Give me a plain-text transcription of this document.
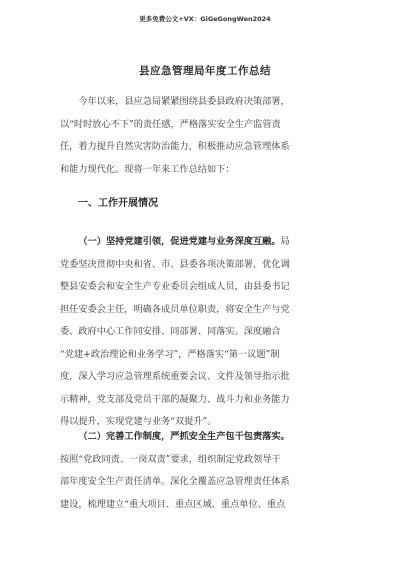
更多免费公文+VX：GiGeGongWen2024
县应急管理局年度工作总结
今年以来，县应急局紧紧围绕县委县政府决策部署，
以“时时放心不下”的责任感，严格落实安全生产监管责
任，着力提升自然灾害防治能力，积极推动应急管理体系
和能力现代化。现将一年来工作总结如下：
一、工作开展情况
（一）坚持党建引领，促进党建与业务深度互融。局
党委坚决贯彻中央和省、市、县委各项决策部署，优化调
整县安委会和安全生产专业委员会组成人员，由县委书记
担任安委会主任，明确各成员单位职责，将安全生产与党
委、政府中心工作同安排、同部署、同落实。深度融合
“党建+政治理论和业务学习”，严格落实“第一议题”制
度，深入学习应急管理系统重要会议、文件及领导指示批
示精神，党支部及党员干部的凝聚力、战斗力和业务能力
得以提升，实现党建与业务“双提升”。
（二）完善工作制度，严抓安全生产包干包责落实。
按照“党政同责、一岗双责”要求，组织制定党政领导干
部年度安全生产责任清单。深化全覆盖应急管理责任体系
建设，梳理建立“重大项目、重点区域、重点单位、重点
